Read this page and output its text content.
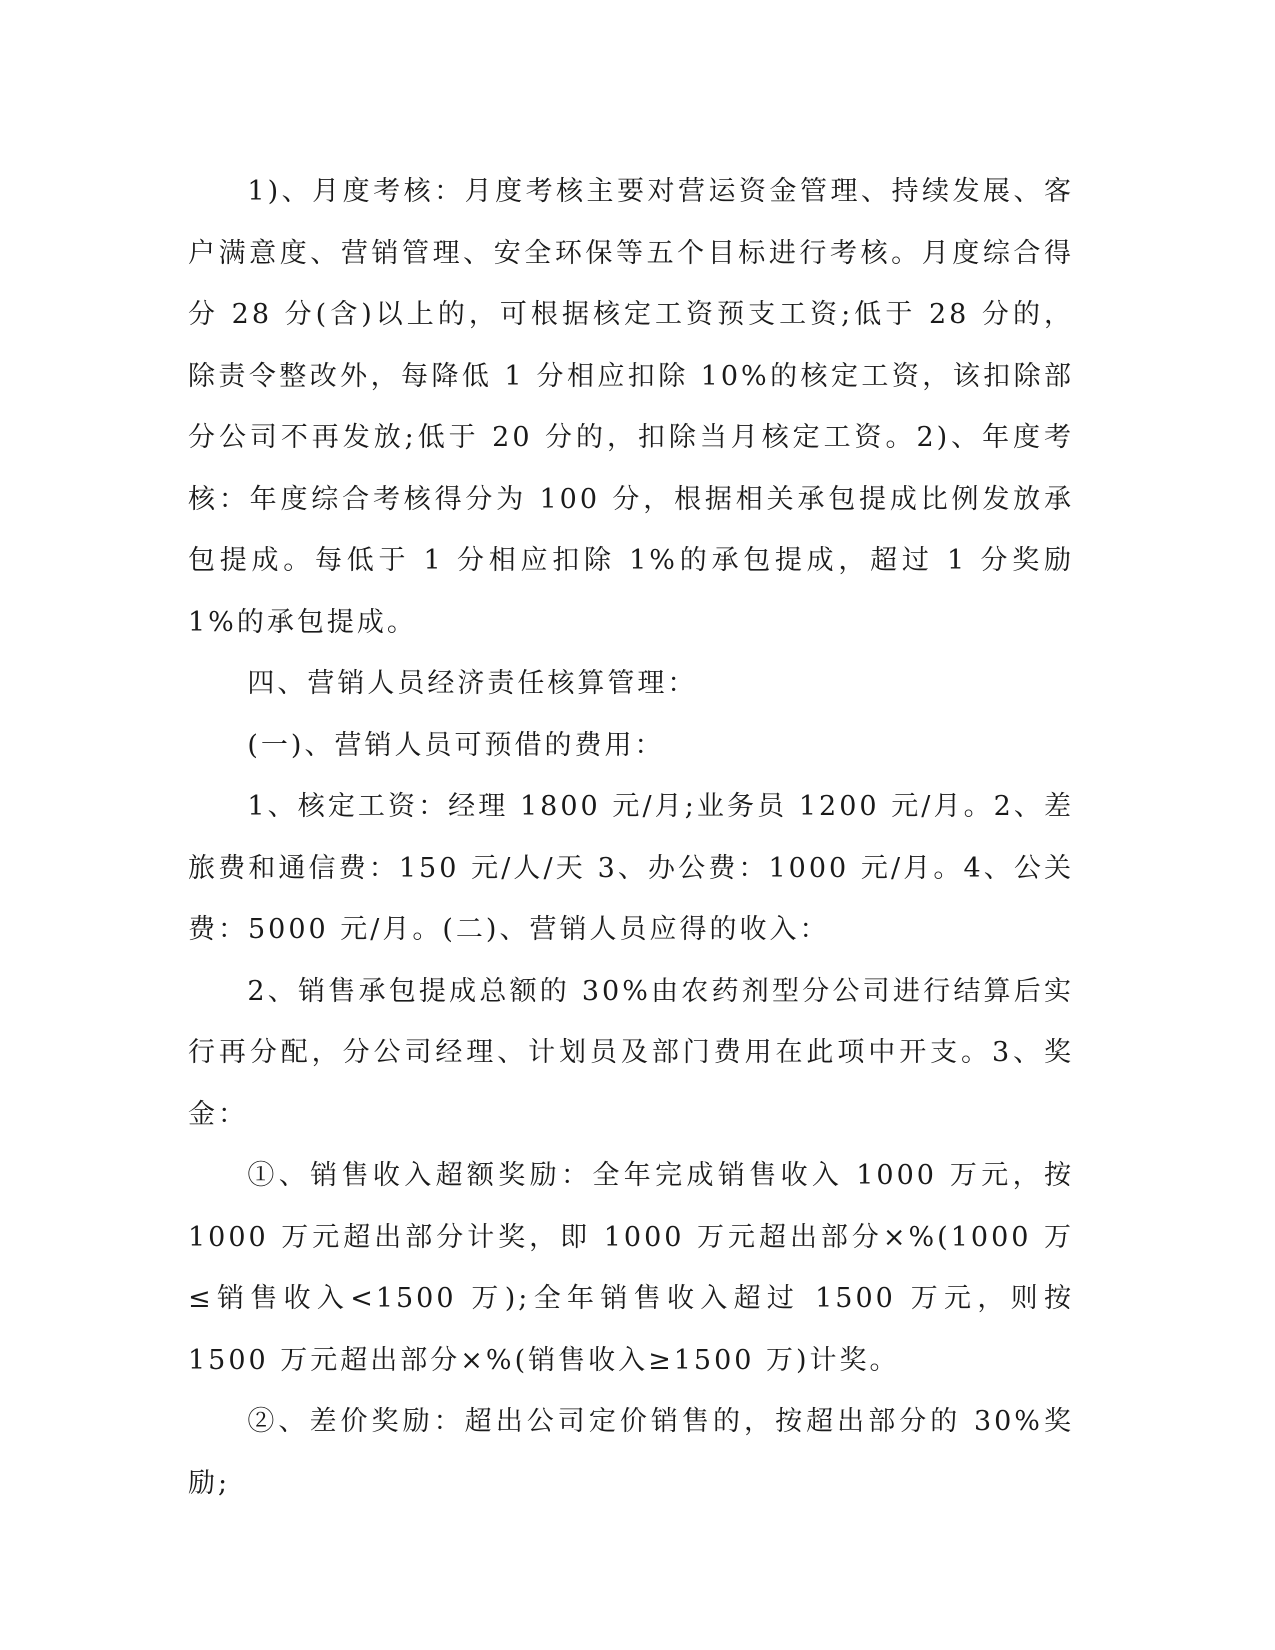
1)、月度考核：月度考核主要对营运资金管理、持续发展、客户满意度、营销管理、安全环保等五个目标进行考核。月度综合得分 28 分(含)以上的，可根据核定工资预支工资;低于 28 分的，除责令整改外，每降低 1 分相应扣除 10%的核定工资，该扣除部分公司不再发放;低于 20 分的，扣除当月核定工资。2)、年度考核：年度综合考核得分为 100 分，根据相关承包提成比例发放承包提成。每低于 1 分相应扣除 1%的承包提成，超过 1 分奖励 1%的承包提成。

四、营销人员经济责任核算管理：

(一)、营销人员可预借的费用：

1、核定工资：经理 1800 元/月;业务员 1200 元/月。2、差旅费和通信费：150 元/人/天 3、办公费：1000 元/月。4、公关费：5000 元/月。(二)、营销人员应得的收入：

2、销售承包提成总额的 30%由农药剂型分公司进行结算后实行再分配，分公司经理、计划员及部门费用在此项中开支。3、奖金：

①、销售收入超额奖励：全年完成销售收入 1000 万元，按 1000 万元超出部分计奖，即 1000 万元超出部分×%(1000 万≤销售收入<1500 万);全年销售收入超过 1500 万元，则按 1500 万元超出部分×%(销售收入≥1500 万)计奖。

②、差价奖励：超出公司定价销售的，按超出部分的 30%奖励;
